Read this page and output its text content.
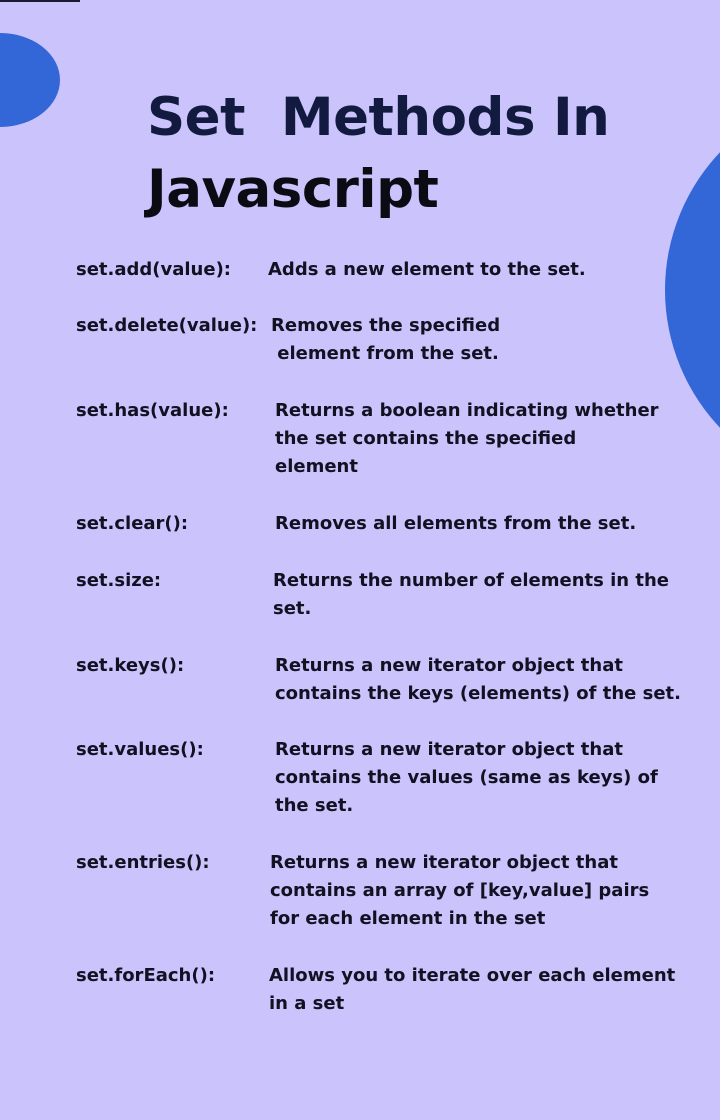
Set  Methods In
Javascript
set.add(value): Adds a new element to the set.
set.delete(value): Removes the specified
element from the set.
set.has(value):	Returns a boolean indicating whether
the set contains the specified
element
set.clear():	Removes all elements from the set.
set.size:	Returns the number of elements in the
set.
set.keys():	Returns a new iterator object that
contains the keys (elements) of the set.
set.values():	Returns a new iterator object that
contains the values (same as keys) of
the set.
set.entries():	Returns a new iterator object that
contains an array of [key,value] pairs
for each element in the set
set.forEach():	Allows you to iterate over each element
in a set
